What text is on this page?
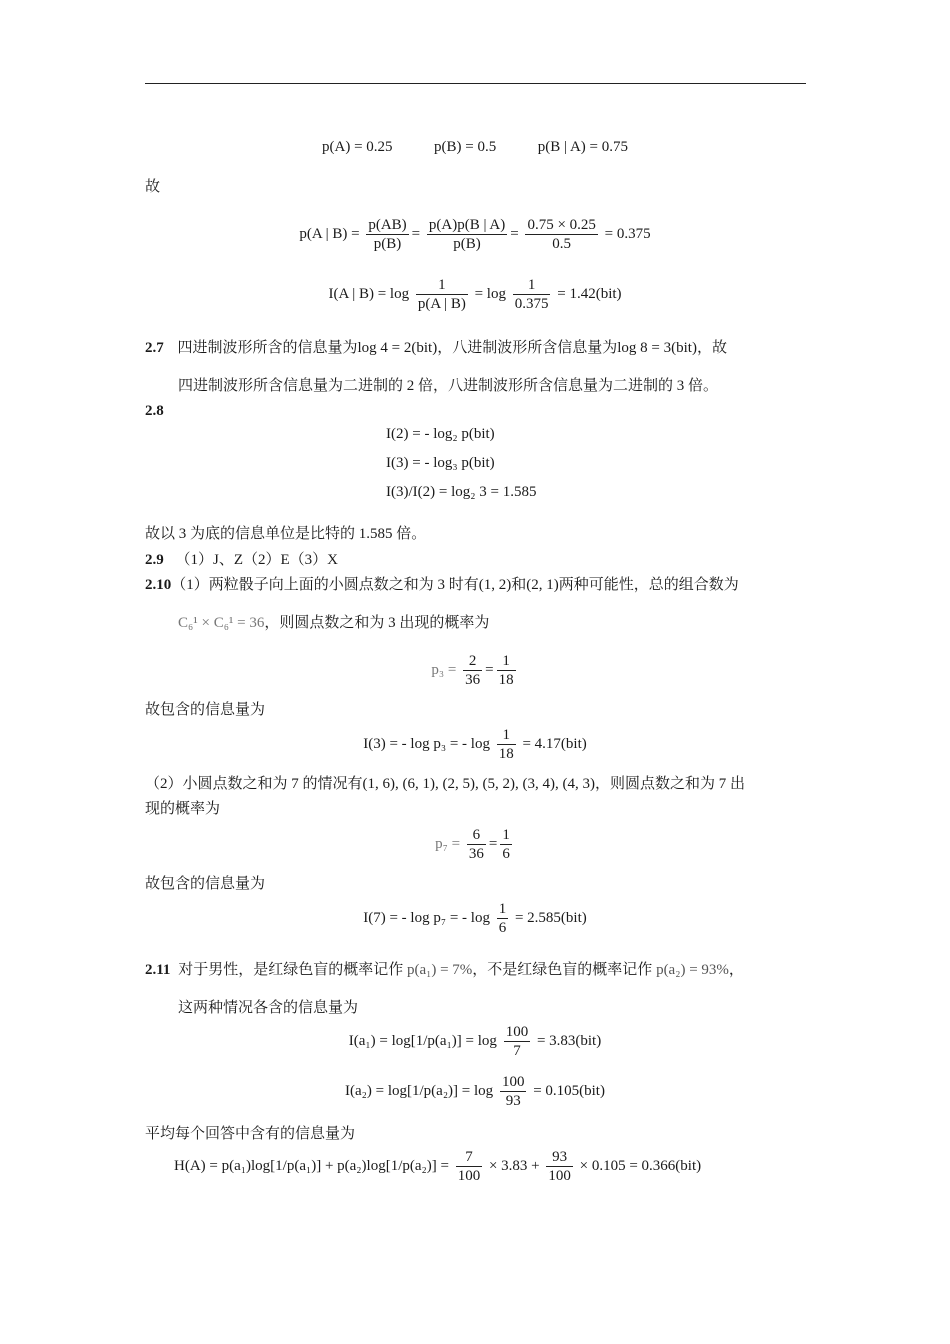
p(A) = 0.25	p(B) = 0.5	p(B | A) = 0.75
故
p(A | $B) = \frac{p(AB)}{p(B)} = \frac{p(A)p(B | A)}{p(B)} = \frac{0.75 \times 0.25}{0.5} = 0.375$
I(A | $B) = \log \frac{1}{p(A | B)} = \log \frac{1}{0.375} = 1.42(bit)$
2.7 四进制波形所含的信息量为log 4 = 2(bit)，八进制波形所含信息量为log 8 = 3(bit)，故
四进制波形所含信息量为二进制的 2 倍，八进制波形所含信息量为二进制的 3 倍。
2.8
I(2) = - log₂ p(bit)
I(3) = - log₃ p(bit)
I(3)/I(2) = log₂ 3 = 1.585
故以 3 为底的信息单位是比特的 1.585 倍。
2.9 （1）J、Z（2）E（3）X
2.10（1）两粒骰子向上面的小圆点数之和为 3 时有(1, 2)和(2, 1)两种可能性，总的组合数为
C₆¹ × C₆¹ = 36，则圆点数之和为 3 出现的概率为
$p_3 = \frac{2}{36} = \frac{1}{18}$
故包含的信息量为
I(3) = - log p₃ = - $\log \frac{1}{18} = 4.17(bit)$
（2）小圆点数之和为 7 的情况有(1, 6), (6, 1), (2, 5), (5, 2), (3, 4), (4, 3)，则圆点数之和为 7 出
现的概率为
$p_7 = \frac{6}{36} = \frac{1}{6}$
故包含的信息量为
I(7) = - log p₇ = - $\log \frac{1}{6} = 2.585(bit)$
2.11 对于男性，是红绿色盲的概率记作 p(a₁) = 7%，不是红绿色盲的概率记作 p(a₂) = 93%，
这两种情况各含的信息量为
$I(a_1) = \log[1/p(a_1)] = \log \frac{100}{7} = 3.83(bit)$
$I(a_2) = \log[1/p(a_2)] = \log \frac{100}{93} = 0.105(bit)$
平均每个回答中含有的信息量为
$H(A) = p(a_1)\log[1/p(a_1)] + p(a_2)\log[1/p(a_2)] = \frac{7}{100} \times 3.83 + \frac{93}{100} \times 0.105 = 0.366(bit)$
